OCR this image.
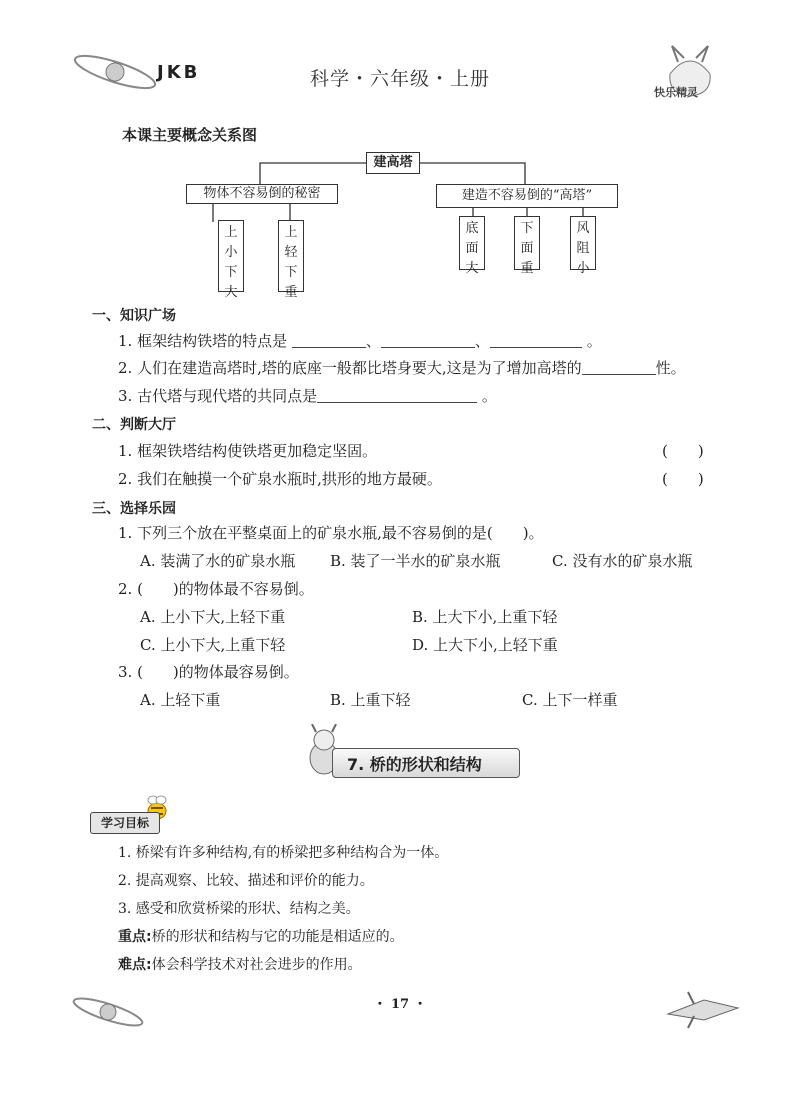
JKB	科学・六年级・上册
快乐精灵
本课主要概念关系图
建高塔
物体不容易倒的秘密	建造不容易倒的“高塔”
上小下大
上轻下重
底面大
下面重
风阻小
一、知识广场
1. 框架结构铁塔的特点是	、	、	。
2. 人们在建造高塔时,塔的底座一般都比塔身要大,这是为了增加高塔的	性。
3. 古代塔与现代塔的共同点是	。
二、判断大厅
1. 框架铁塔结构使铁塔更加稳定坚固。	(　　)
2. 我们在触摸一个矿泉水瓶时,拱形的地方最硬。	(　　)
三、选择乐园
1. 下列三个放在平整桌面上的矿泉水瓶,最不容易倒的是(　　)。
A. 装满了水的矿泉水瓶 B. 装了一半水的矿泉水瓶	C. 没有水的矿泉水瓶
2. (　　)的物体最不容易倒。
A. 上小下大,上轻下重	B. 上大下小,上重下轻
C. 上小下大,上重下轻	D. 上大下小,上轻下重
3. (　　)的物体最容易倒。
A. 上轻下重	B. 上重下轻	C. 上下一样重
7. 桥的形状和结构
学习目标
1. 桥梁有许多种结构,有的桥梁把多种结构合为一体。
2. 提高观察、比较、描述和评价的能力。
3. 感受和欣赏桥梁的形状、结构之美。
重点:桥的形状和结构与它的功能是相适应的。
难点:体会科学技术对社会进步的作用。
・ 17 ・
